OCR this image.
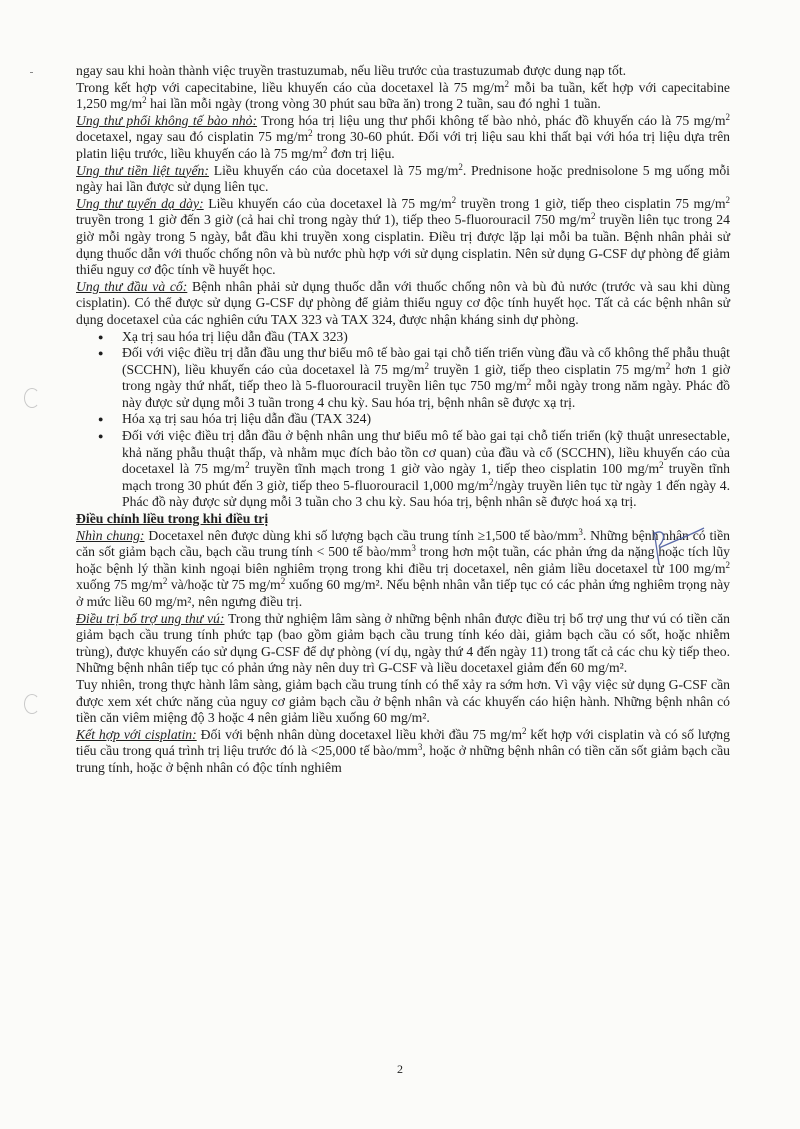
ngay sau khi hoàn thành việc truyền trastuzumab, nếu liều trước của trastuzumab được dung nạp tốt.

Trong kết hợp với capecitabine, liều khuyến cáo của docetaxel là 75 $mg/m^2$ mỗi ba tuần, kết hợp với capecitabine 1,250 $mg/m^2$ hai lần mỗi ngày (trong vòng 30 phút sau bữa ăn) trong 2 tuần, sau đó nghỉ 1 tuần.

Ung thư phổi không tế bào nhỏ: Trong hóa trị liệu ung thư phổi không tế bào nhỏ, phác đồ khuyến cáo là 75 $mg/m^2$ docetaxel, ngay sau đó cisplatin 75 $mg/m^2$ trong 30-60 phút. Đối với trị liệu sau khi thất bại với hóa trị liệu dựa trên platin liệu trước, liều khuyến cáo là 75 $mg/m^2$ đơn trị liệu.

Ung thư tiền liệt tuyến: Liều khuyến cáo của docetaxel là 75 $mg/m^2$. Prednisone hoặc prednisolone 5 mg uống mỗi ngày hai lần được sử dụng liên tục.

Ung thư tuyến dạ dày: Liều khuyến cáo của docetaxel là 75 $mg/m^2$ truyền trong 1 giờ, tiếp theo cisplatin 75 $mg/m^2$ truyền trong 1 giờ đến 3 giờ (cả hai chỉ trong ngày thứ 1), tiếp theo 5-fluorouracil 750 $mg/m^2$ truyền liên tục trong 24 giờ mỗi ngày trong 5 ngày, bắt đầu khi truyền xong cisplatin. Điều trị được lặp lại mỗi ba tuần. Bệnh nhân phải sử dụng thuốc dẫn với thuốc chống nôn và bù nước phù hợp với sử dụng cisplatin. Nên sử dụng G-CSF dự phòng để giảm thiểu nguy cơ độc tính về huyết học.

Ung thư đầu và cổ: Bệnh nhân phải sử dụng thuốc dẫn với thuốc chống nôn và bù đủ nước (trước và sau khi dùng cisplatin). Có thể được sử dụng G-CSF dự phòng để giảm thiểu nguy cơ độc tính huyết học. Tất cả các bệnh nhân sử dụng docetaxel của các nghiên cứu TAX 323 và TAX 324, được nhận kháng sinh dự phòng.

● Xạ trị sau hóa trị liệu dẫn đầu (TAX 323)
● Đối với việc điều trị dẫn đầu ung thư biểu mô tế bào gai tại chỗ tiến triển vùng đầu và cổ không thể phẫu thuật (SCCHN), liều khuyến cáo của docetaxel là 75 $mg/m^2$ truyền 1 giờ, tiếp theo cisplatin 75 $mg/m^2$ hơn 1 giờ trong ngày thứ nhất, tiếp theo là 5-fluorouracil truyền liên tục 750 $mg/m^2$ mỗi ngày trong năm ngày. Phác đồ này được sử dụng mỗi 3 tuần trong 4 chu kỳ. Sau hóa trị, bệnh nhân sẽ được xạ trị.
● Hóa xạ trị sau hóa trị liệu dẫn đầu (TAX 324)
● Đối với việc điều trị dẫn đầu ở bệnh nhân ung thư biểu mô tế bào gai tại chỗ tiến triển (kỹ thuật unresectable, khả năng phẫu thuật thấp, và nhằm mục đích bảo tồn cơ quan) của đầu và cổ (SCCHN), liều khuyến cáo của docetaxel là 75 $mg/m^2$ truyền tĩnh mạch trong 1 giờ vào ngày 1, tiếp theo cisplatin 100 $mg/m^2$ truyền tĩnh mạch trong 30 phút đến 3 giờ, tiếp theo 5-fluorouracil 1,000 $mg/m^2$/ngày truyền liên tục từ ngày 1 đến ngày 4. Phác đồ này được sử dụng mỗi 3 tuần cho 3 chu kỳ. Sau hóa trị, bệnh nhân sẽ được hoá xạ trị.

Điều chỉnh liều trong khi điều trị

Nhìn chung: Docetaxel nên được dùng khi số lượng bạch cầu trung tính ≥1,500 tế bào/$mm^3$. Những bệnh nhân có tiền căn sốt giảm bạch cầu, bạch cầu trung tính < 500 tế bào/$mm^3$ trong hơn một tuần, các phản ứng da nặng hoặc tích lũy hoặc bệnh lý thần kinh ngoại biên nghiêm trọng trong khi điều trị docetaxel, nên giảm liều docetaxel từ 100 $mg/m^2$ xuống 75 $mg/m^2$ và/hoặc từ 75 $mg/m^2$ xuống 60 mg/m². Nếu bệnh nhân vẫn tiếp tục có các phản ứng nghiêm trọng này ở mức liều 60 mg/m², nên ngưng điều trị.

Điều trị bổ trợ ung thư vú: Trong thử nghiệm lâm sàng ở những bệnh nhân được điều trị bổ trợ ung thư vú có tiền căn giảm bạch cầu trung tính phức tạp (bao gồm giảm bạch cầu trung tính kéo dài, giảm bạch cầu có sốt, hoặc nhiễm trùng), được khuyến cáo sử dụng G-CSF để dự phòng (ví dụ, ngày thứ 4 đến ngày 11) trong tất cả các chu kỳ tiếp theo. Những bệnh nhân tiếp tục có phản ứng này nên duy trì G-CSF và liều docetaxel giảm đến 60 mg/m².

Tuy nhiên, trong thực hành lâm sàng, giảm bạch cầu trung tính có thể xảy ra sớm hơn. Vì vậy việc sử dụng G-CSF cần được xem xét chức năng của nguy cơ giảm bạch cầu ở bệnh nhân và các khuyến cáo hiện hành. Những bệnh nhân có tiền căn viêm miệng độ 3 hoặc 4 nên giảm liều xuống 60 mg/m².

Kết hợp với cisplatin: Đối với bệnh nhân dùng docetaxel liều khởi đầu 75 $mg/m^2$ kết hợp với cisplatin và có số lượng tiểu cầu trong quá trình trị liệu trước đó là <25,000 tế bào/$mm^3$, hoặc ở những bệnh nhân có tiền căn sốt giảm bạch cầu trung tính, hoặc ở bệnh nhân có độc tính nghiêm

2
